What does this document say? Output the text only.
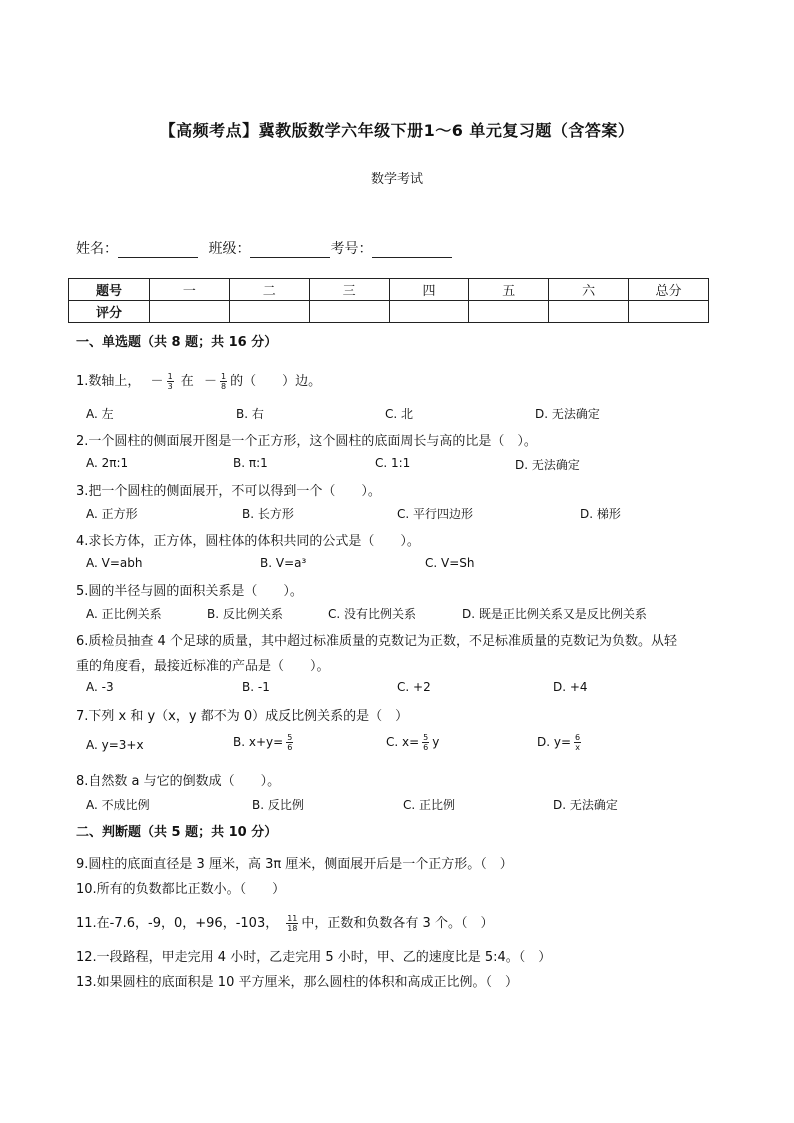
【高频考点】冀教版数学六年级下册1～6 单元复习题（含答案）
数学考试
姓名：	班级：	考号：
题号	一	二	三	四	五	六	总分
评分							
一、单选题（共 8 题；共 16 分）
1.数轴上， － $\frac{1}{3}$ 在 － $\frac{1}{8}$ 的（　　）边。
A. 左	B. 右	C. 北	D. 无法确定
2.一个圆柱的侧面展开图是一个正方形，这个圆柱的底面周长与高的比是（　）。
A. 2π:1	B. π:1	C. 1:1	D. 无法确定
3.把一个圆柱的侧面展开，不可以得到一个（　　）。
A. 正方形	B. 长方形	C. 平行四边形	D. 梯形
4.求长方体，正方体，圆柱体的体积共同的公式是（　　）。
A. V=abh	B. V=a³	C. V=Sh
5.圆的半径与圆的面积关系是（　　）。
A. 正比例关系	B. 反比例关系	C. 没有比例关系	D. 既是正比例关系又是反比例关系
6.质检员抽查 4 个足球的质量，其中超过标准质量的克数记为正数，不足标准质量的克数记为负数。从轻
重的角度看，最接近标准的产品是（　　）。
A. -3	B. -1	C. +2	D. +4
7.下列 x 和 y（x，y 都不为 0）成反比例关系的是（　）
A. y=3+x	B. $x+y= \frac{5}{6}$	C. $x= \frac{5}{6}$ y	D. $y= \frac{6}{x}$
8.自然数 a 与它的倒数成（　　）。
A. 不成比例	B. 反比例	C. 正比例	D. 无法确定
二、判断题（共 5 题；共 10 分）
9.圆柱的底面直径是 3 厘米，高 3π 厘米，侧面展开后是一个正方形。（　）
10.所有的负数都比正数小。（　　）
11.在-7.6，-9，0，+96，-103， $\frac{11}{18}$ 中，正数和负数各有 3 个。（　）
12.一段路程，甲走完用 4 小时，乙走完用 5 小时，甲、乙的速度比是 5:4。（　）
13.如果圆柱的底面积是 10 平方厘米，那么圆柱的体积和高成正比例。（　）
